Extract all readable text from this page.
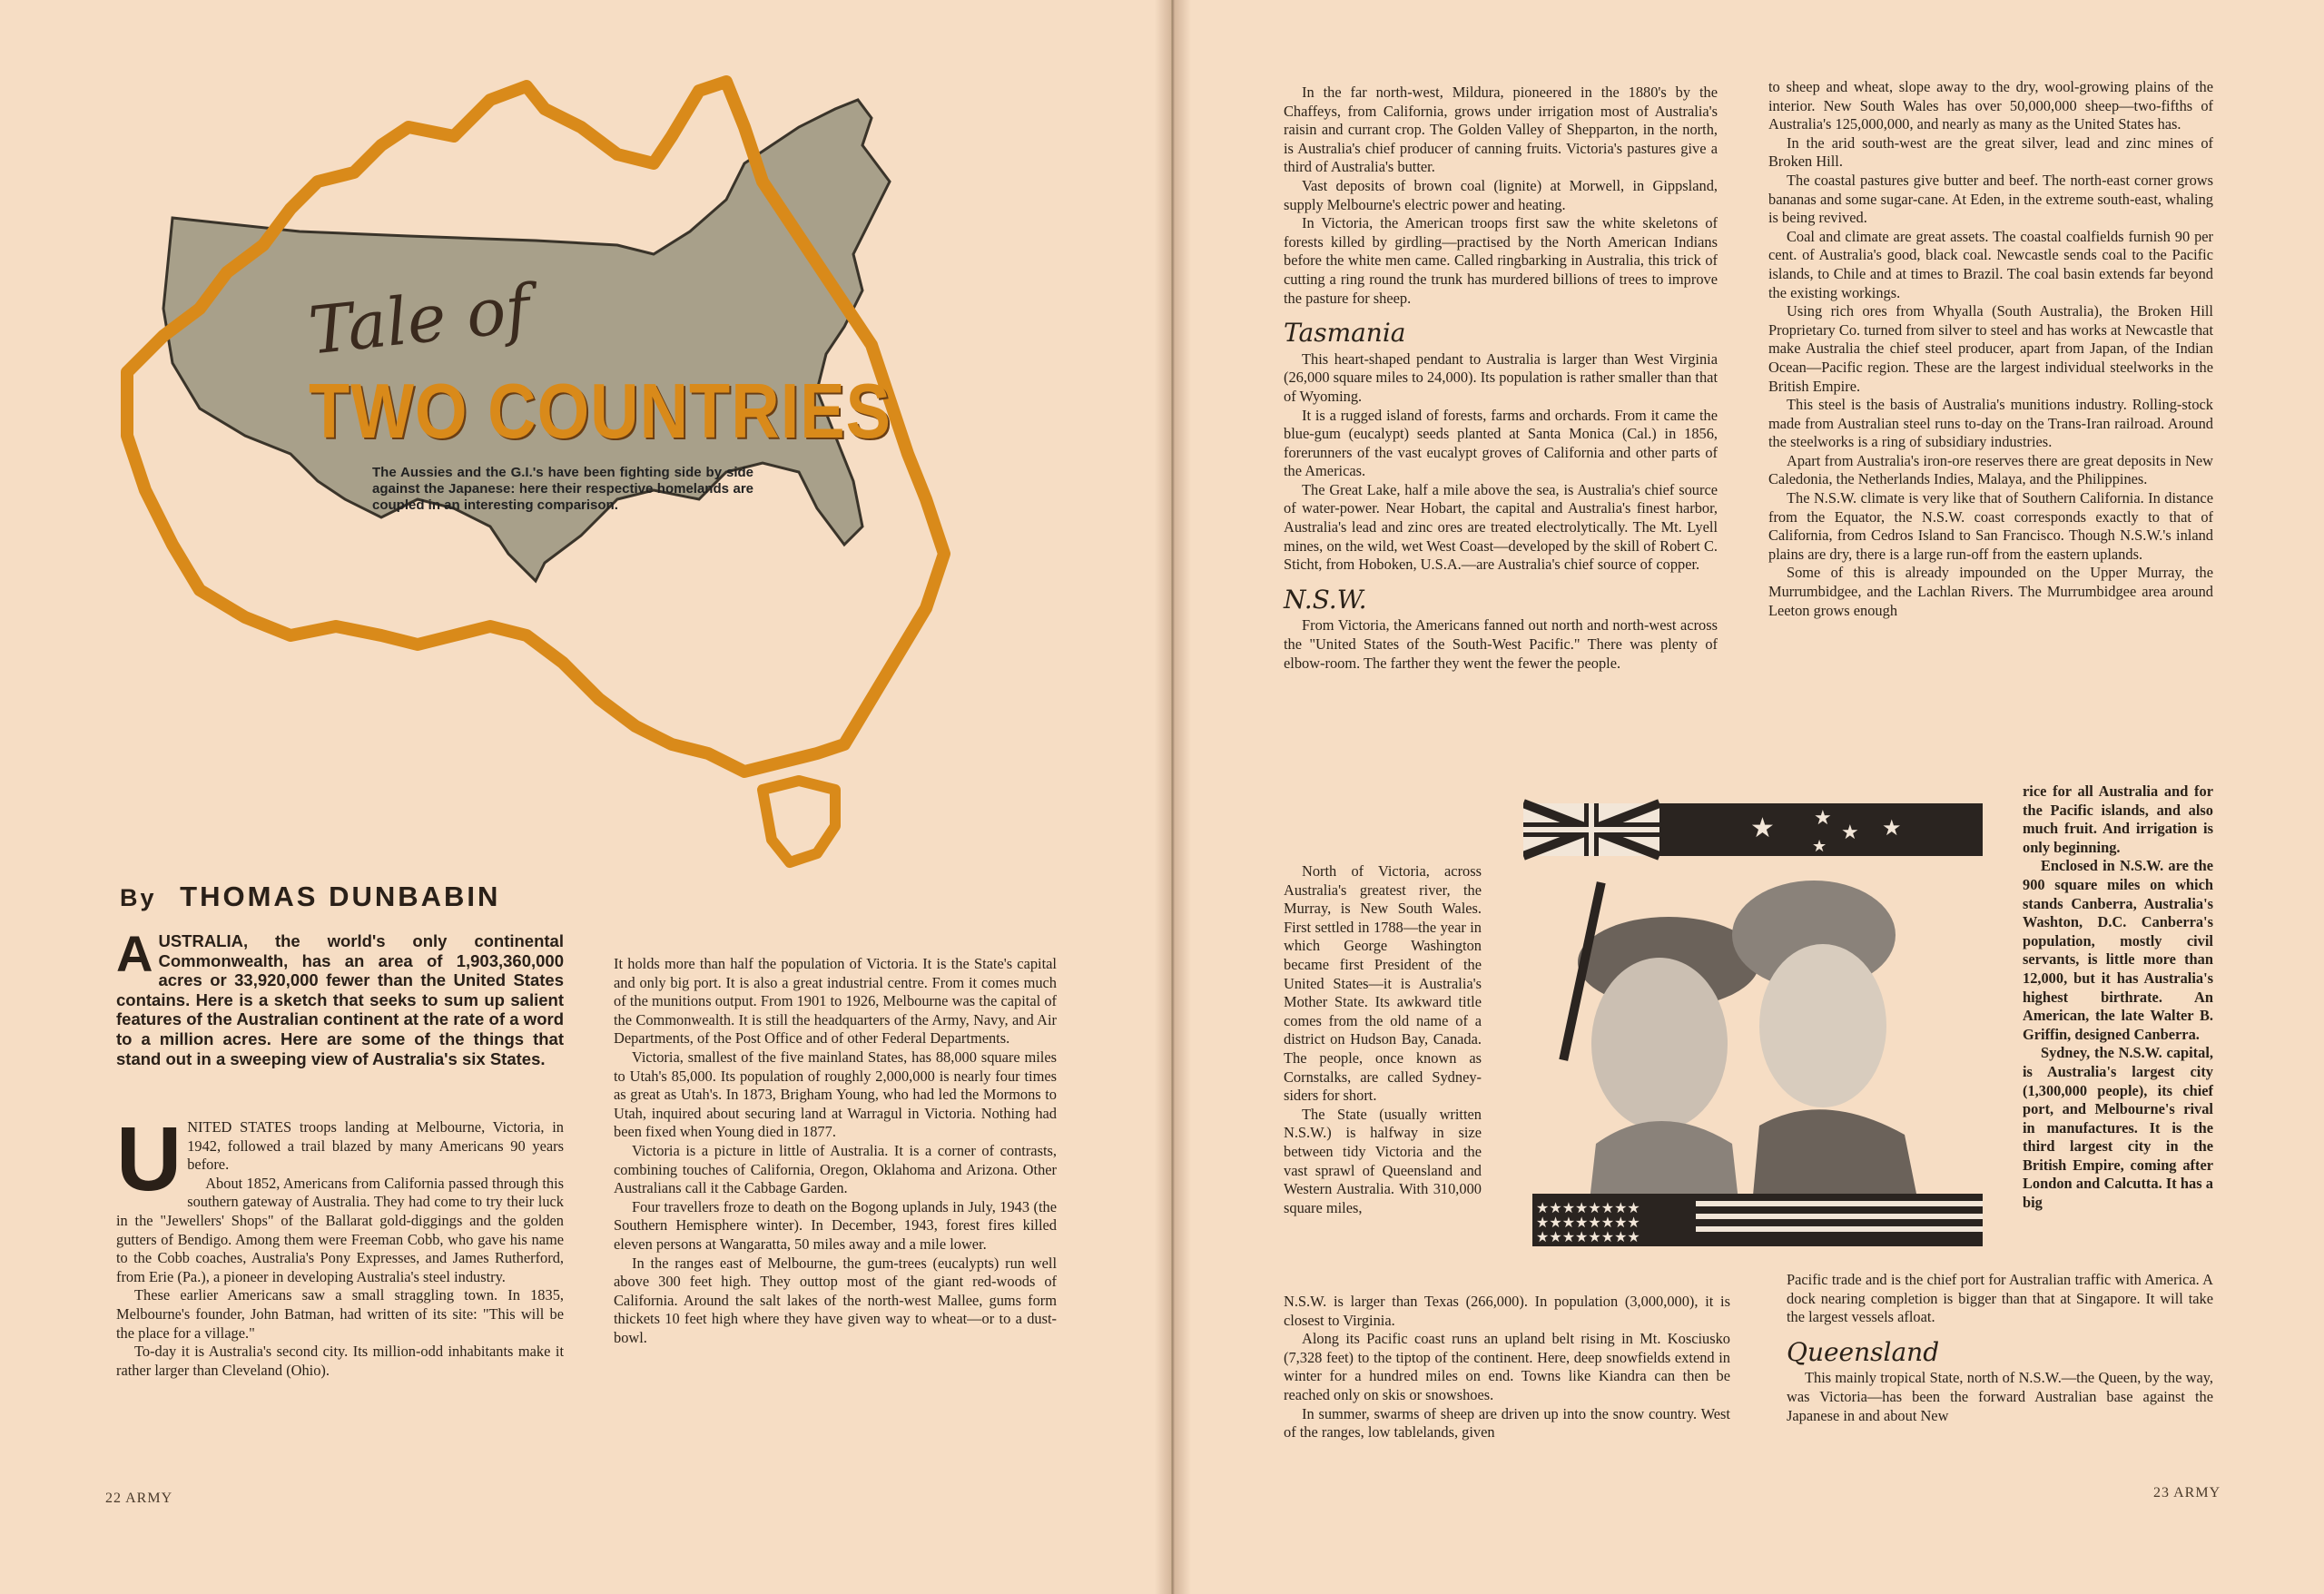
Tale of
TWO COUNTRIES
The Aussies and the G.I.'s have been fighting side by side against the Japanese: here their respective homelands are coupled in an interesting comparison.
By THOMAS DUNBABIN
AUSTRALIA, the world's only continental Commonwealth, has an area of 1,903,360,000 acres or 33,920,000 fewer than the United States contains. Here is a sketch that seeks to sum up salient features of the Australian continent at the rate of a word to a million acres. Here are some of the things that stand out in a sweeping view of Australia's six States.

UNITED STATES troops landing at Melbourne, Victoria, in 1942, followed a trail blazed by many Americans 90 years before.

About 1852, Americans from California passed through this southern gateway of Australia. They had come to try their luck in the "Jewellers' Shops" of the Ballarat gold-diggings and the golden gutters of Bendigo. Among them were Freeman Cobb, who gave his name to the Cobb coaches, Australia's Pony Expresses, and James Rutherford, from Erie (Pa.), a pioneer in developing Australia's steel industry.

These earlier Americans saw a small straggling town. In 1835, Melbourne's founder, John Batman, had written of its site: "This will be the place for a village."

To-day it is Australia's second city. Its million-odd inhabitants make it rather larger than Cleveland (Ohio).

It holds more than half the population of Victoria. It is the State's capital and only big port. It is also a great industrial centre. From it comes much of the munitions output. From 1901 to 1926, Melbourne was the capital of the Commonwealth. It is still the headquarters of the Army, Navy, and Air Departments, of the Post Office and of other Federal Departments.

Victoria, smallest of the five mainland States, has 88,000 square miles to Utah's 85,000. Its population of roughly 2,000,000 is nearly four times as great as Utah's. In 1873, Brigham Young, who had led the Mormons to Utah, inquired about securing land at Warragul in Victoria. Nothing had been fixed when Young died in 1877.

Victoria is a picture in little of Australia. It is a corner of contrasts, combining touches of California, Oregon, Oklahoma and Arizona. Other Australians call it the Cabbage Garden.

Four travellers froze to death on the Bogong uplands in July, 1943 (the Southern Hemisphere winter). In December, 1943, forest fires killed eleven persons at Wangaratta, 50 miles away and a mile lower.

In the ranges east of Melbourne, the gum-trees (eucalypts) run well above 300 feet high. They outtop most of the giant red-woods of California. Around the salt lakes of the north-west Mallee, gums form thickets 10 feet high where they have given way to wheat—or to a dust-bowl.

22 ARMY

In the far north-west, Mildura, pioneered in the 1880's by the Chaffeys, from California, grows under irrigation most of Australia's raisin and currant crop. The Golden Valley of Shepparton, in the north, is Australia's chief producer of canning fruits. Victoria's pastures give a third of Australia's butter.

Vast deposits of brown coal (lignite) at Morwell, in Gippsland, supply Melbourne's electric power and heating.

In Victoria, the American troops first saw the white skeletons of forests killed by girdling—practised by the North American Indians before the white men came. Called ringbarking in Australia, this trick of cutting a ring round the trunk has murdered billions of trees to improve the pasture for sheep.

Tasmania

This heart-shaped pendant to Australia is larger than West Virginia (26,000 square miles to 24,000). Its population is rather smaller than that of Wyoming.

It is a rugged island of forests, farms and orchards. From it came the blue-gum (eucalypt) seeds planted at Santa Monica (Cal.) in 1856, forerunners of the vast eucalypt groves of California and other parts of the Americas.

The Great Lake, half a mile above the sea, is Australia's chief source of water-power. Near Hobart, the capital and Australia's finest harbor, Australia's lead and zinc ores are treated electrolytically. The Mt. Lyell mines, on the wild, wet West Coast—developed by the skill of Robert C. Sticht, from Hoboken, U.S.A.—are Australia's chief source of copper.

N.S.W.

From Victoria, the Americans fanned out north and north-west across the "United States of the South-West Pacific." There was plenty of elbow-room. The farther they went the fewer the people.

North of Victoria, across Australia's greatest river, the Murray, is New South Wales. First settled in 1788—the year in which George Washington became first President of the United States—it is Australia's Mother State. Its awkward title comes from the old name of a district on Hudson Bay, Canada. The people, once known as Cornstalks, are called Sydney-siders for short.

The State (usually written N.S.W.) is halfway in size between tidy Victoria and the vast sprawl of Queensland and Western Australia. With 310,000 square miles,

N.S.W. is larger than Texas (266,000). In population (3,000,000), it is closest to Virginia.

Along its Pacific coast runs an upland belt rising in Mt. Kosciusko (7,328 feet) to the tiptop of the continent. Here, deep snowfields extend in winter for a hundred miles on end. Towns like Kiandra can then be reached only on skis or snowshoes.

In summer, swarms of sheep are driven up into the snow country. West of the ranges, low tablelands, given

to sheep and wheat, slope away to the dry, wool-growing plains of the interior. New South Wales has over 50,000,000 sheep—two-fifths of Australia's 125,000,000, and nearly as many as the United States has.

In the arid south-west are the great silver, lead and zinc mines of Broken Hill.

The coastal pastures give butter and beef. The north-east corner grows bananas and some sugar-cane. At Eden, in the extreme south-east, whaling is being revived.

Coal and climate are great assets. The coastal coalfields furnish 90 per cent. of Australia's good, black coal. Newcastle sends coal to the Pacific islands, to Chile and at times to Brazil. The coal basin extends far beyond the existing workings.

Using rich ores from Whyalla (South Australia), the Broken Hill Proprietary Co. turned from silver to steel and has works at Newcastle that make Australia the chief steel producer, apart from Japan, of the Indian Ocean—Pacific region. These are the largest individual steelworks in the British Empire.

This steel is the basis of Australia's munitions industry. Rolling-stock made from Australian steel runs to-day on the Trans-Iran railroad. Around the steelworks is a ring of subsidiary industries.

Apart from Australia's iron-ore reserves there are great deposits in New Caledonia, the Netherlands Indies, Malaya, and the Philippines.

The N.S.W. climate is very like that of Southern California. In distance from the Equator, the N.S.W. coast corresponds exactly to that of California, from Cedros Island to San Francisco. Though N.S.W.'s inland plains are dry, there is a large run-off from the eastern uplands.

Some of this is already impounded on the Upper Murray, the Murrumbidgee, and the Lachlan Rivers. The Murrumbidgee area around Leeton grows enough

rice for all Australia and for the Pacific islands, and also much fruit. And irrigation is only beginning.

Enclosed in N.S.W. are the 900 square miles on which stands Canberra, Australia's Washton, D.C. Canberra's population, mostly civil servants, is little more than 12,000, but it has Australia's highest birthrate. An American, the late Walter B. Griffin, designed Canberra.

Sydney, the N.S.W. capital, is Australia's largest city (1,300,000 people), its chief port, and Melbourne's rival in manufactures. It is the third largest city in the British Empire, coming after London and Calcutta. It has a big

Pacific trade and is the chief port for Australian traffic with America. A dock nearing completion is bigger than that at Singapore. It will take the largest vessels afloat.

Queensland

This mainly tropical State, north of N.S.W.—the Queen, by the way, was Victoria—has been the forward Australian base against the Japanese in and about New

23 ARMY
★ ★
★ ★
★
★★★★★★★★
★★★★★★★★
★★★★★★★★
